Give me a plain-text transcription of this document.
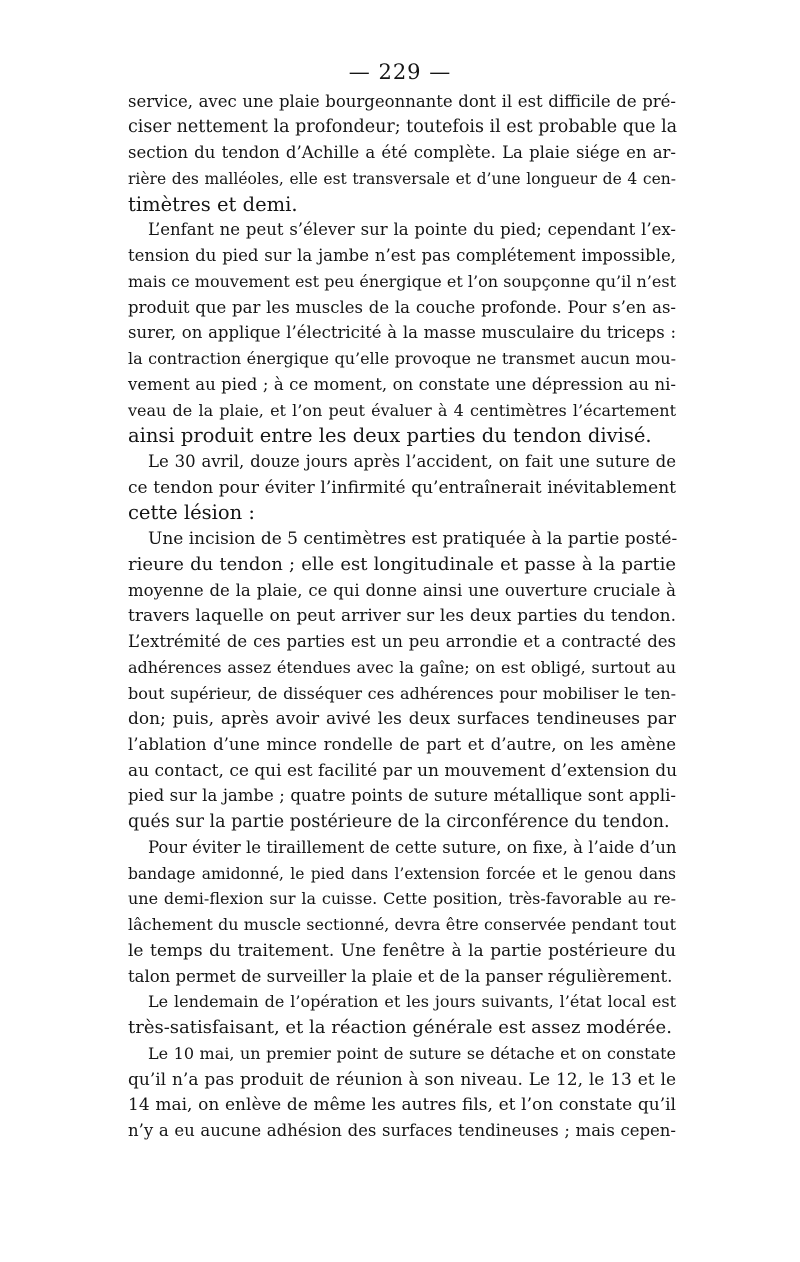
— 229 —
service, avec une plaie bourgeonnante dont il est difficile de pré-
ciser nettement la profondeur; toutefois il est probable que la
section du tendon d’Achille a été complète. La plaie siége en ar-
rière des malléoles, elle est transversale et d’une longueur de 4 cen-
timètres et demi.
L’enfant ne peut s’élever sur la pointe du pied; cependant l’ex-
tension du pied sur la jambe n’est pas complétement impossible,
mais ce mouvement est peu énergique et l’on soupçonne qu’il n’est
produit que par les muscles de la couche profonde. Pour s’en as-
surer, on applique l’électricité à la masse musculaire du triceps :
la contraction énergique qu’elle provoque ne transmet aucun mou-
vement au pied ; à ce moment, on constate une dépression au ni-
veau de la plaie, et l’on peut évaluer à 4 centimètres l’écartement
ainsi produit entre les deux parties du tendon divisé.
Le 30 avril, douze jours après l’accident, on fait une suture de
ce tendon pour éviter l’infirmité qu’entraînerait inévitablement
cette lésion :
Une incision de 5 centimètres est pratiquée à la partie posté-
rieure du tendon ; elle est longitudinale et passe à la partie
moyenne de la plaie, ce qui donne ainsi une ouverture cruciale à
travers laquelle on peut arriver sur les deux parties du tendon.
L’extrémité de ces parties est un peu arrondie et a contracté des
adhérences assez étendues avec la gaîne; on est obligé, surtout au
bout supérieur, de disséquer ces adhérences pour mobiliser le ten-
don; puis, après avoir avivé les deux surfaces tendineuses par
l’ablation d’une mince rondelle de part et d’autre, on les amène
au contact, ce qui est facilité par un mouvement d’extension du
pied sur la jambe ; quatre points de suture métallique sont appli-
qués sur la partie postérieure de la circonférence du tendon.
Pour éviter le tiraillement de cette suture, on fixe, à l’aide d’un
bandage amidonné, le pied dans l’extension forcée et le genou dans
une demi-flexion sur la cuisse. Cette position, très-favorable au re-
lâchement du muscle sectionné, devra être conservée pendant tout
le temps du traitement. Une fenêtre à la partie postérieure du
talon permet de surveiller la plaie et de la panser régulièrement.
Le lendemain de l’opération et les jours suivants, l’état local est
très-satisfaisant, et la réaction générale est assez modérée.
Le 10 mai, un premier point de suture se détache et on constate
qu’il n’a pas produit de réunion à son niveau. Le 12, le 13 et le
14 mai, on enlève de même les autres fils, et l’on constate qu’il
n’y a eu aucune adhésion des surfaces tendineuses ; mais cepen-
